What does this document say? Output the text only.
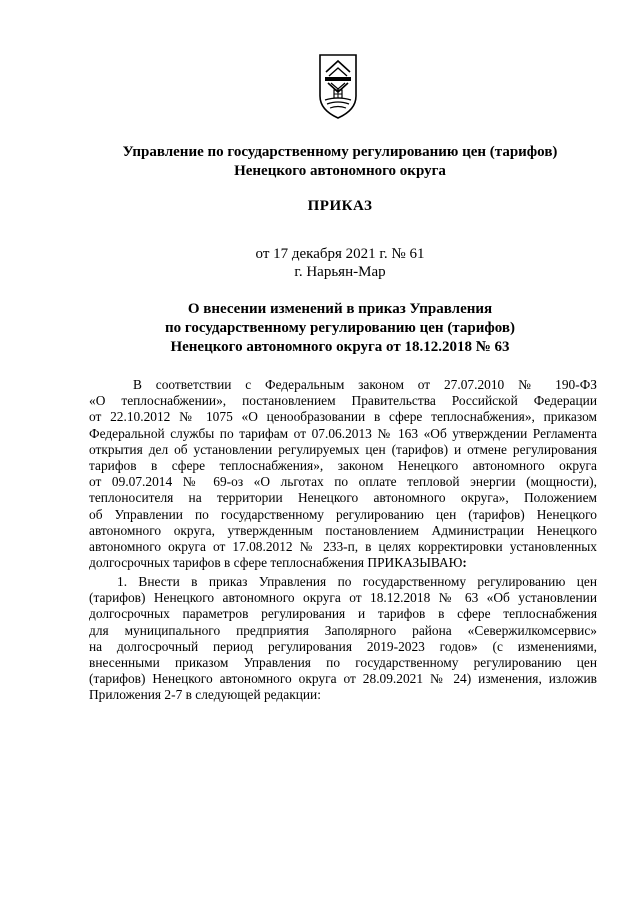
Управление по государственному регулированию цен (тарифов)
Ненецкого автономного округа
ПРИКАЗ
от 17 декабря 2021 г. № 61
г. Нарьян-Мар
О внесении изменений в приказ Управления
по государственному регулированию цен (тарифов)
Ненецкого автономного округа от 18.12.2018 № 63
В соответствии с Федеральным законом от 27.07.2010 № 190-ФЗ
«О теплоснабжении», постановлением Правительства Российской Федерации
от 22.10.2012 № 1075 «О ценообразовании в сфере теплоснабжения», приказом
Федеральной службы по тарифам от 07.06.2013 № 163 «Об утверждении Регламента
открытия дел об установлении регулируемых цен (тарифов) и отмене регулирования
тарифов в сфере теплоснабжения», законом Ненецкого автономного округа
от 09.07.2014 № 69-оз «О льготах по оплате тепловой энергии (мощности),
теплоносителя на территории Ненецкого автономного округа», Положением
об Управлении по государственному регулированию цен (тарифов) Ненецкого
автономного округа, утвержденным постановлением Администрации Ненецкого
автономного округа от 17.08.2012 № 233-п, в целях корректировки установленных
долгосрочных тарифов в сфере теплоснабжения ПРИКАЗЫВАЮ:
1. Внести в приказ Управления по государственному регулированию цен
(тарифов) Ненецкого автономного округа от 18.12.2018 № 63 «Об установлении
долгосрочных параметров регулирования и тарифов в сфере теплоснабжения
для муниципального предприятия Заполярного района «Севержилкомсервис»
на долгосрочный период регулирования 2019-2023 годов» (с изменениями,
внесенными приказом Управления по государственному регулированию цен
(тарифов) Ненецкого автономного округа от 28.09.2021 № 24) изменения, изложив
Приложения 2-7 в следующей редакции:
